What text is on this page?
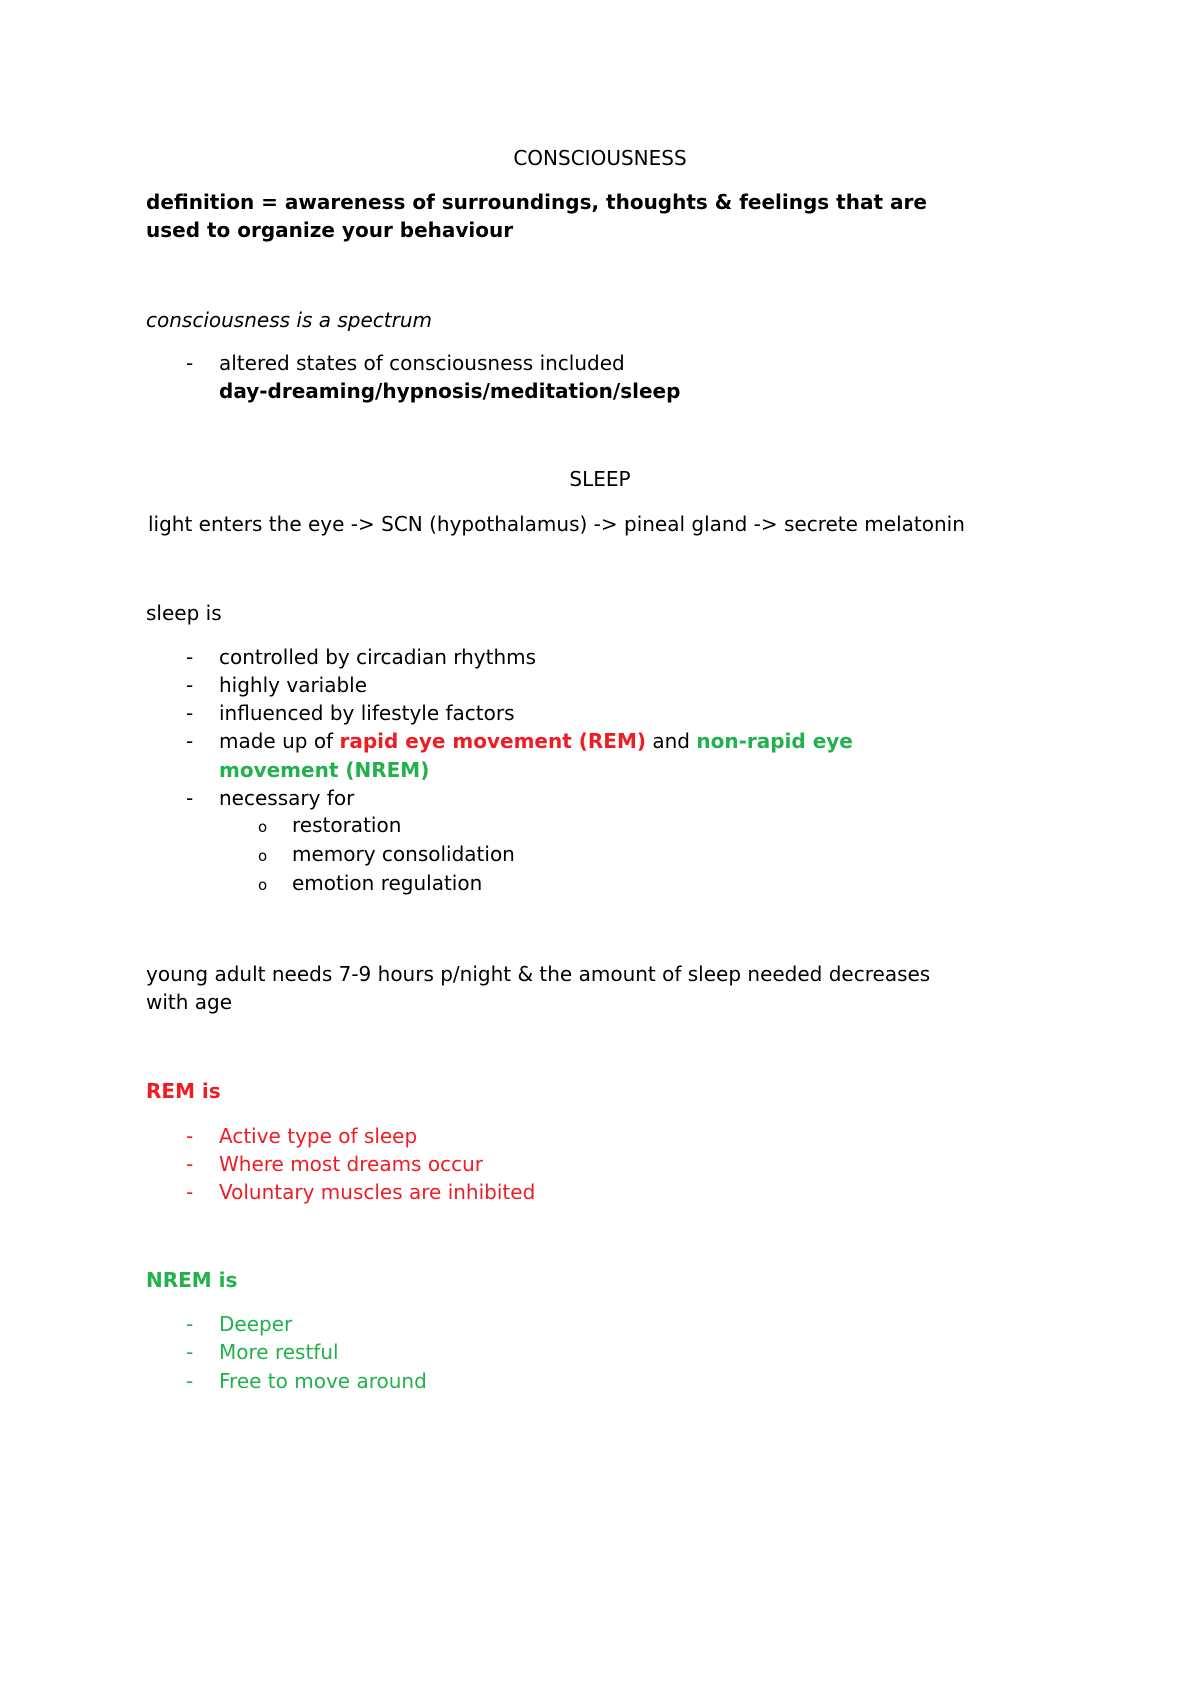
CONSCIOUSNESS
definition = awareness of surroundings, thoughts & feelings that are
used to organize your behaviour
consciousness is a spectrum
- altered states of consciousness included
day-dreaming/hypnosis/meditation/sleep
SLEEP
light enters the eye -> SCN (hypothalamus) -> pineal gland -> secrete melatonin
sleep is
- controlled by circadian rhythms
- highly variable
- influenced by lifestyle factors
- made up of rapid eye movement (REM) and non-rapid eye
movement (NREM)
- necessary for
o restoration
o memory consolidation
o emotion regulation
young adult needs 7-9 hours p/night & the amount of sleep needed decreases
with age
REM is
- Active type of sleep
- Where most dreams occur
- Voluntary muscles are inhibited
NREM is
- Deeper
- More restful
- Free to move around
